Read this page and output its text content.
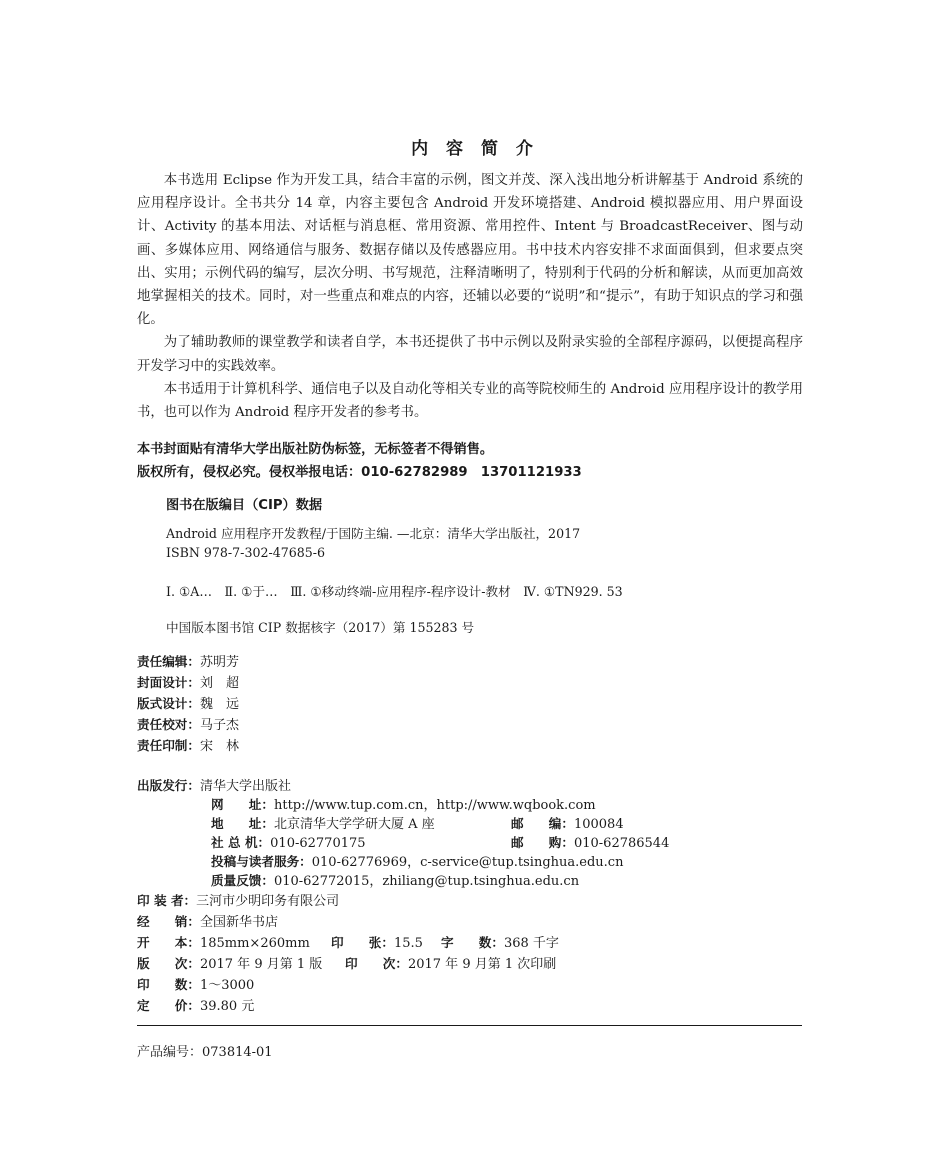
内 容 简 介

本书选用 Eclipse 作为开发工具，结合丰富的示例，图文并茂、深入浅出地分析讲解基于 Android 系统的应用程序设计。全书共分 14 章，内容主要包含 Android 开发环境搭建、Android 模拟器应用、用户界面设计、Activity 的基本用法、对话框与消息框、常用资源、常用控件、Intent 与 BroadcastReceiver、图与动画、多媒体应用、网络通信与服务、数据存储以及传感器应用。书中技术内容安排不求面面俱到，但求要点突出、实用；示例代码的编写，层次分明、书写规范，注释清晰明了，特别利于代码的分析和解读，从而更加高效地掌握相关的技术。同时，对一些重点和难点的内容，还辅以必要的“说明”和“提示”，有助于知识点的学习和强化。

为了辅助教师的课堂教学和读者自学，本书还提供了书中示例以及附录实验的全部程序源码，以便提高程序开发学习中的实践效率。

本书适用于计算机科学、通信电子以及自动化等相关专业的高等院校师生的 Android 应用程序设计的教学用书，也可以作为 Android 程序开发者的参考书。

本书封面贴有清华大学出版社防伪标签，无标签者不得销售。
版权所有，侵权必究。侵权举报电话：010-62782989　13701121933
图书在版编目（CIP）数据
Android 应用程序开发教程/于国防主编. —北京：清华大学出版社，2017
ISBN 978-7-302-47685-6
Ⅰ. ①A…　Ⅱ. ①于…　Ⅲ. ①移动终端-应用程序-程序设计-教材　Ⅳ. ①TN929. 53
中国版本图书馆 CIP 数据核字（2017）第 155283 号
责任编辑：苏明芳
封面设计：刘　超
版式设计：魏　远
责任校对：马子杰
责任印制：宋　林
出版发行：清华大学出版社
网　　址：http://www.tup.com.cn，http://www.wqbook.com
地　　址：北京清华大学学研大厦 A 座	邮　　编：100084
社 总 机：010-62770175	邮　　购：010-62786544
投稿与读者服务：010-62776969，c-service@tup.tsinghua.edu.cn
质量反馈：010-62772015，zhiliang@tup.tsinghua.edu.cn
印 装 者：三河市少明印务有限公司
经　　销：全国新华书店
开　　本：185mm×260mm 印　　张：15.5 字　　数：368 千字
版　　次：2017 年 9 月第 1 版 印　　次：2017 年 9 月第 1 次印刷
印　　数：1～3000
定　　价：39.80 元
产品编号：073814-01
